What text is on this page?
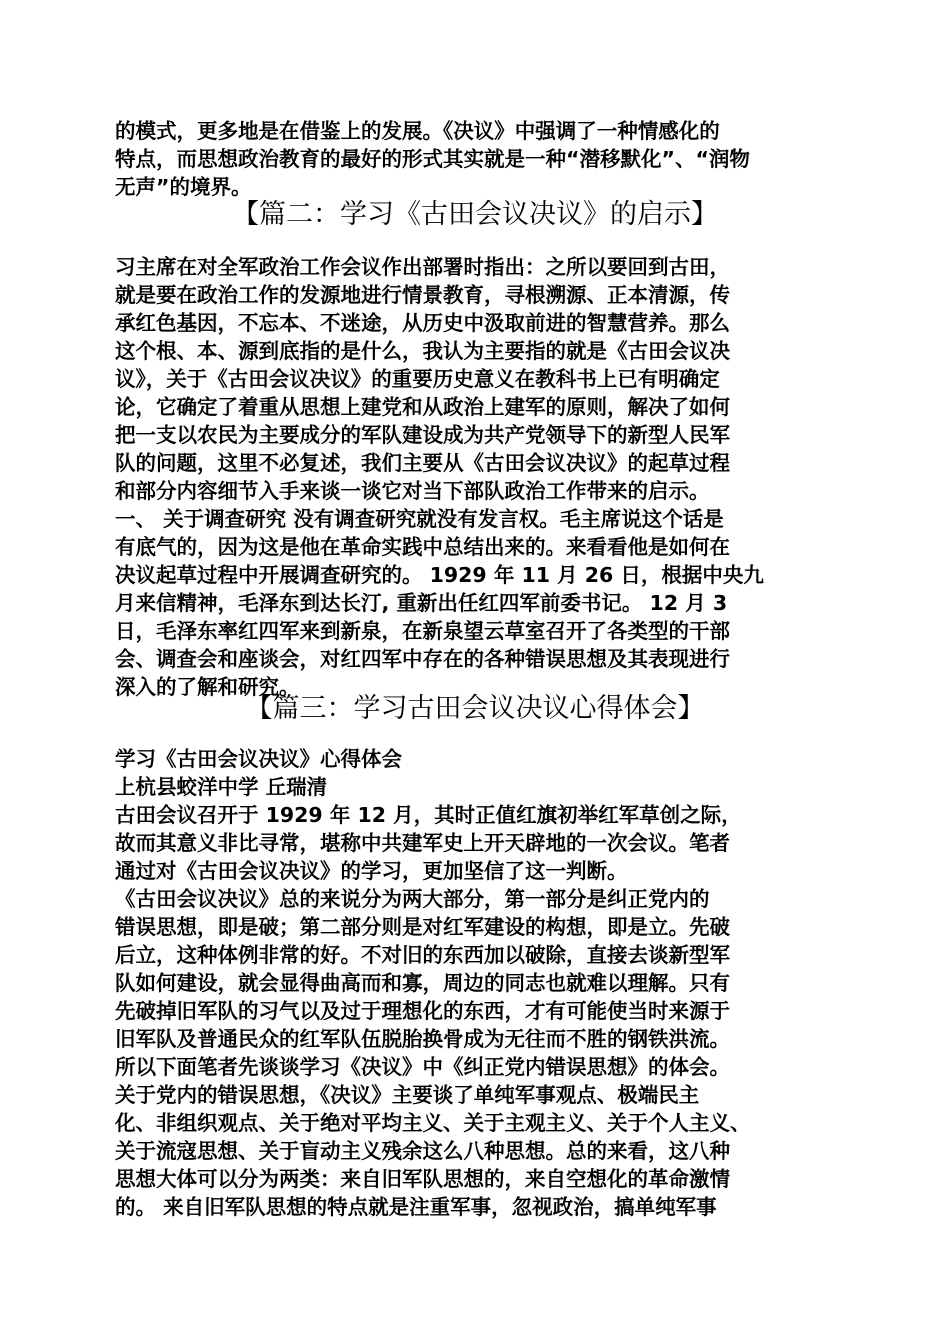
的模式，更多地是在借鉴上的发展。《决议》中强调了一种情感化的
特点，而思想政治教育的最好的形式其实就是一种“潜移默化”、“润物
无声”的境界。
【篇二：学习《古田会议决议》的启示】
习主席在对全军政治工作会议作出部署时指出：之所以要回到古田，
就是要在政治工作的发源地进行情景教育，寻根溯源、正本清源，传
承红色基因，不忘本、不迷途，从历史中汲取前进的智慧营养。那么
这个根、本、源到底指的是什么，我认为主要指的就是《古田会议决
议》，关于《古田会议决议》的重要历史意义在教科书上已有明确定
论，它确定了着重从思想上建党和从政治上建军的原则，解决了如何
把一支以农民为主要成分的军队建设成为共产党领导下的新型人民军
队的问题，这里不必复述，我们主要从《古田会议决议》的起草过程
和部分内容细节入手来谈一谈它对当下部队政治工作带来的启示。
一、 关于调查研究 没有调查研究就没有发言权。毛主席说这个话是
有底气的，因为这是他在革命实践中总结出来的。来看看他是如何在
决议起草过程中开展调查研究的。 1929 年 11 月 26 日，根据中央九
月来信精神，毛泽东到达长汀, 重新出任红四军前委书记。 12 月 3
日，毛泽东率红四军来到新泉，在新泉望云草室召开了各类型的干部
会、调查会和座谈会，对红四军中存在的各种错误思想及其表现进行
深入的了解和研究。
【篇三：学习古田会议决议心得体会】
学习《古田会议决议》心得体会
上杭县蛟洋中学 丘瑞清
古田会议召开于 1929 年 12 月，其时正值红旗初举红军草创之际，
故而其意义非比寻常，堪称中共建军史上开天辟地的一次会议。笔者
通过对《古田会议决议》的学习，更加坚信了这一判断。
《古田会议决议》总的来说分为两大部分，第一部分是纠正党内的
错误思想，即是破；第二部分则是对红军建设的构想，即是立。先破
后立，这种体例非常的好。不对旧的东西加以破除，直接去谈新型军
队如何建设，就会显得曲高而和寡，周边的同志也就难以理解。只有
先破掉旧军队的习气以及过于理想化的东西，才有可能使当时来源于
旧军队及普通民众的红军队伍脱胎换骨成为无往而不胜的钢铁洪流。
所以下面笔者先谈谈学习《决议》中《纠正党内错误思想》的体会。
关于党内的错误思想，《决议》主要谈了单纯军事观点、极端民主
化、非组织观点、关于绝对平均主义、关于主观主义、关于个人主义、
关于流寇思想、关于盲动主义残余这么八种思想。总的来看，这八种
思想大体可以分为两类：来自旧军队思想的，来自空想化的革命激情
的。 来自旧军队思想的特点就是注重军事，忽视政治，搞单纯军事
